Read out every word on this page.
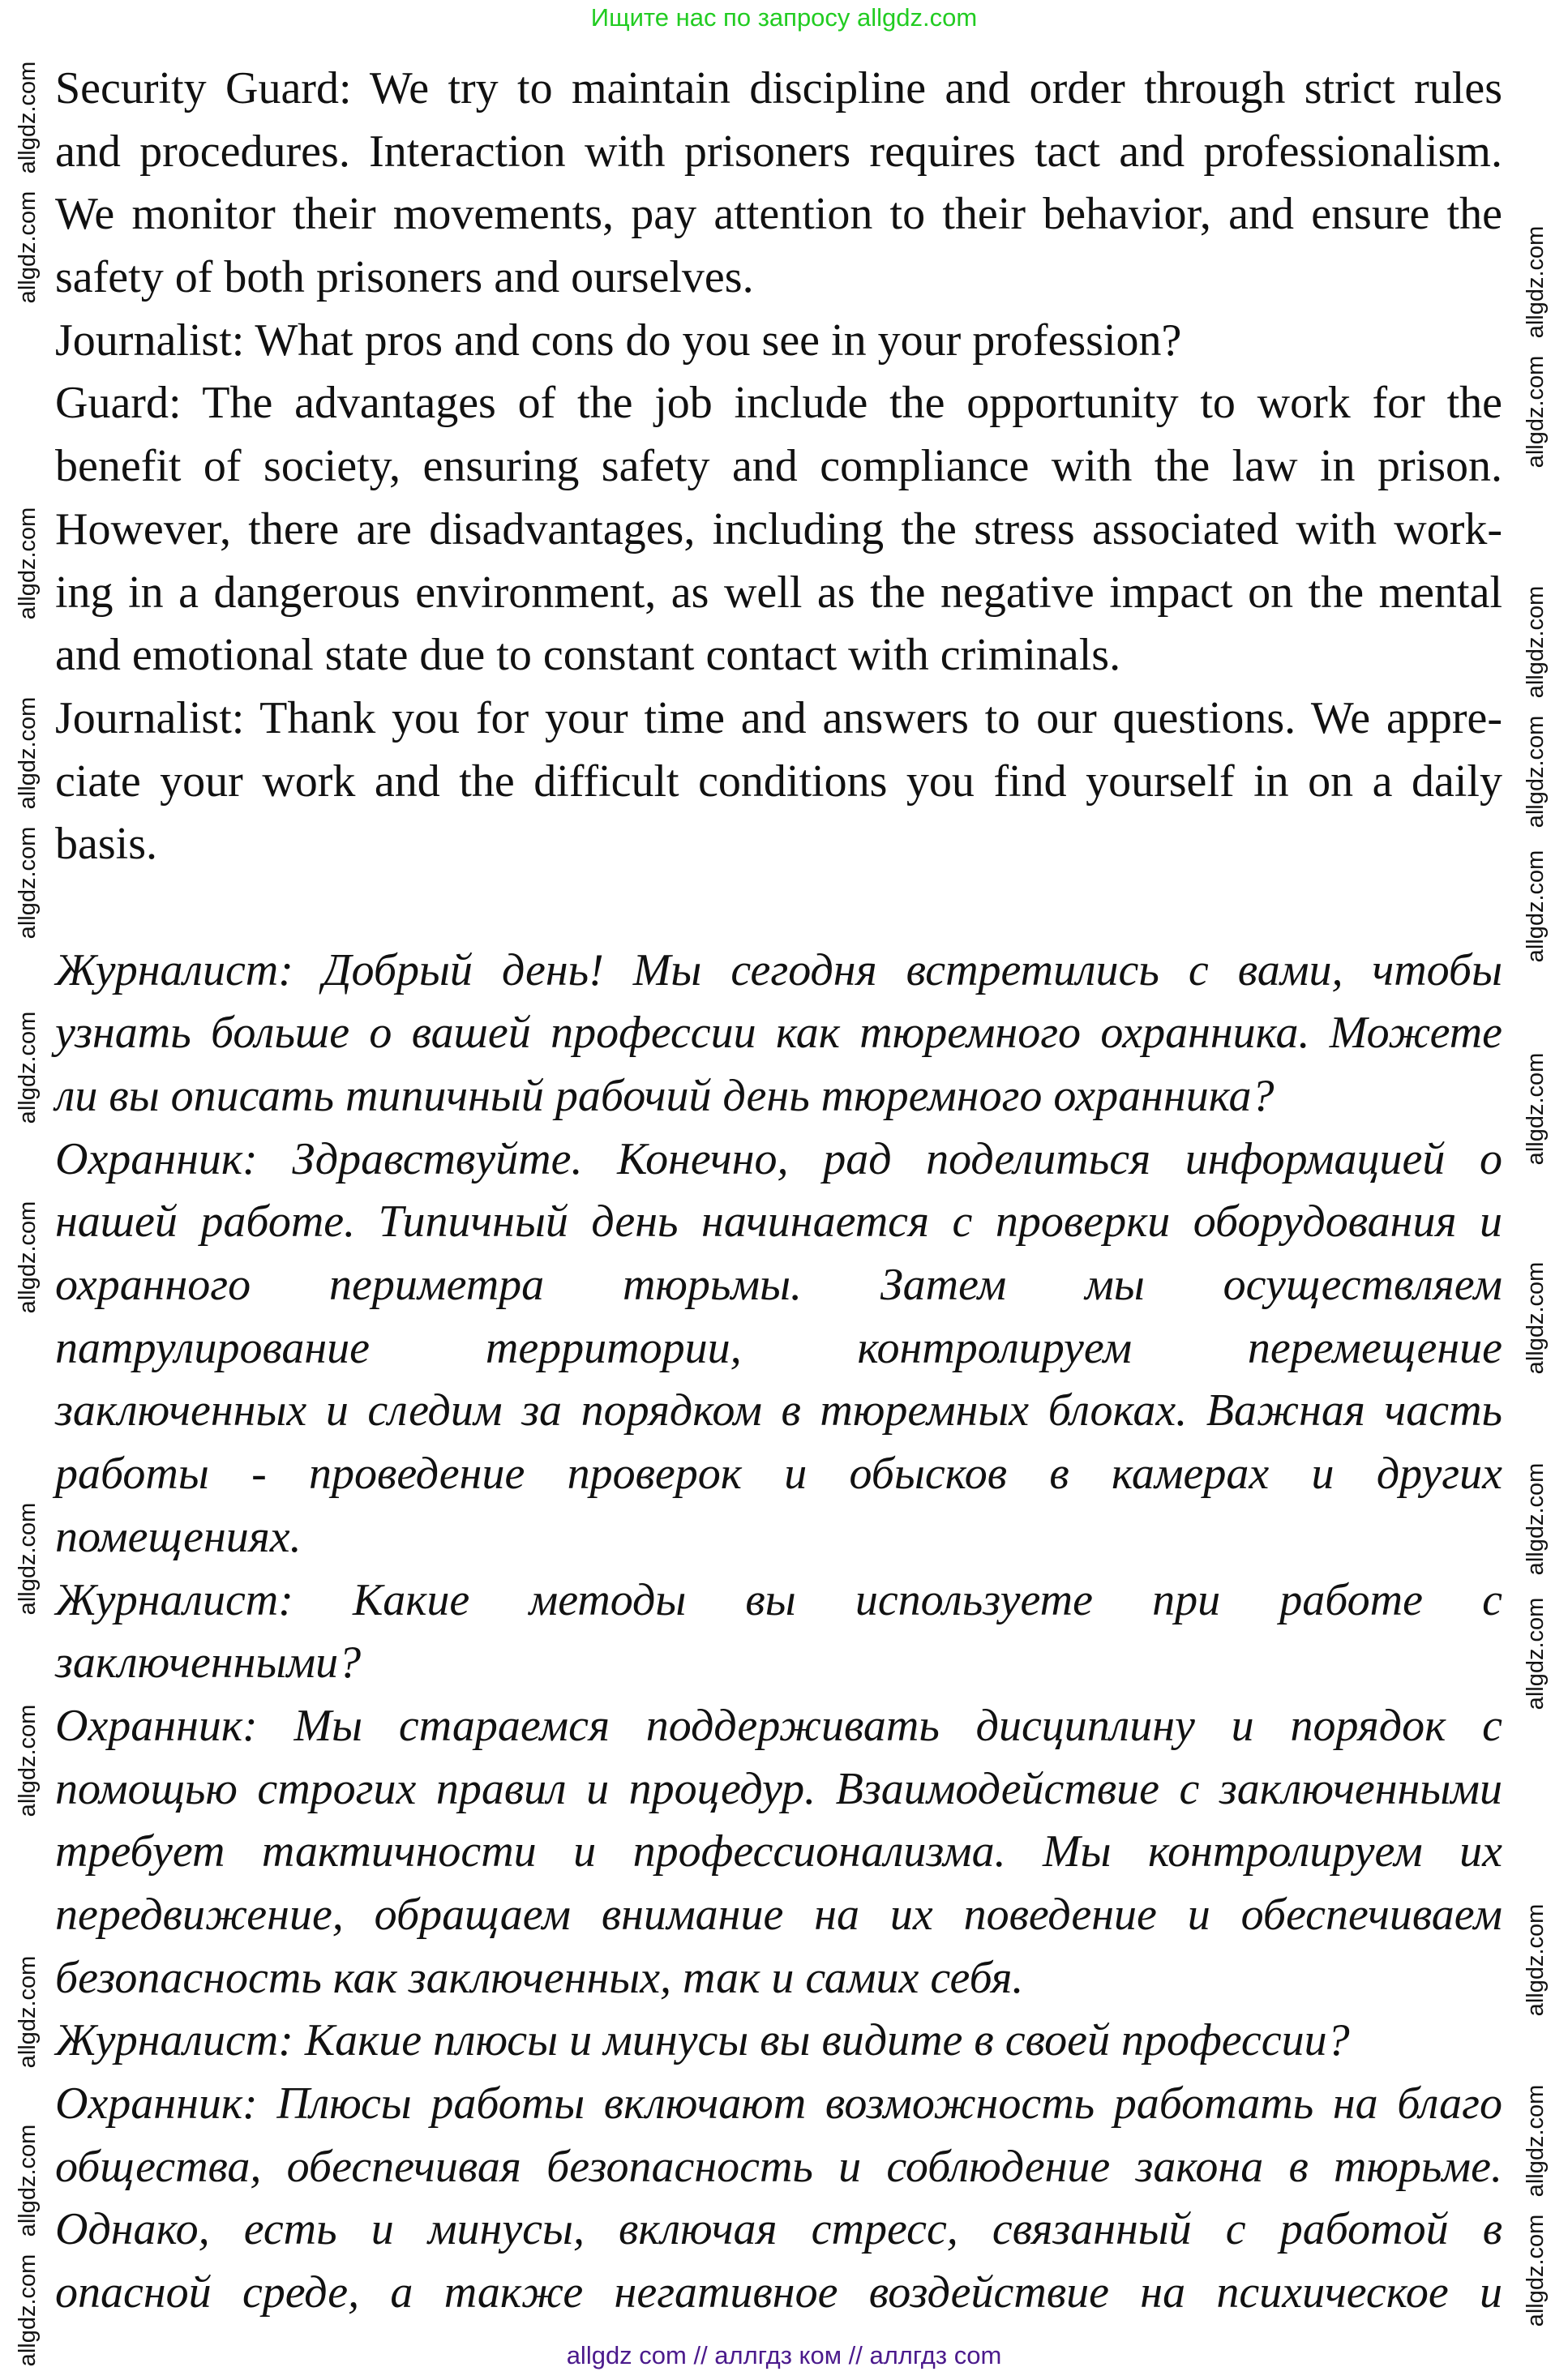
Ищите нас по запросу allgdz.com
Security Guard: We try to maintain discipline and order through strict rules
and procedures. Interaction with prisoners requires tact and professionalism.
We monitor their movements, pay attention to their behavior, and ensure the
safety of both prisoners and ourselves.
Journalist: What pros and cons do you see in your profession?
Guard: The advantages of the job include the opportunity to work for the
benefit of society, ensuring safety and compliance with the law in prison.
However, there are disadvantages, including the stress associated with work-
ing in a dangerous environment, as well as the negative impact on the mental
and emotional state due to constant contact with criminals.
Journalist: Thank you for your time and answers to our questions. We appre-
ciate your work and the difficult conditions you find yourself in on a daily
basis.
Журналист: Добрый день! Мы сегодня встретились с вами, чтобы
узнать больше о вашей профессии как тюремного охранника. Можете
ли вы описать типичный рабочий день тюремного охранника?
Охранник: Здравствуйте. Конечно, рад поделиться информацией о
нашей работе. Типичный день начинается с проверки оборудования и
охранного периметра тюрьмы. Затем мы осуществляем
патрулирование территории, контролируем перемещение
заключенных и следим за порядком в тюремных блоках. Важная часть
работы - проведение проверок и обысков в камерах и других
помещениях.
Журналист: Какие методы вы используете при работе с
заключенными?
Охранник: Мы стараемся поддерживать дисциплину и порядок с
помощью строгих правил и процедур. Взаимодействие с заключенными
требует тактичности и профессионализма. Мы контролируем их
передвижение, обращаем внимание на их поведение и обеспечиваем
безопасность как заключенных, так и самих себя.
Журналист: Какие плюсы и минусы вы видите в своей профессии?
Охранник: Плюсы работы включают возможность работать на благо
общества, обеспечивая безопасность и соблюдение закона в тюрьме.
Однако, есть и минусы, включая стресс, связанный с работой в
опасной среде, а также негативное воздействие на психическое и
allgdz.com
allgdz.com
allgdz.com
allgdz.com
allgdz.com
allgdz.com
allgdz.com
allgdz.com
allgdz.com
allgdz.com
allgdz.com
allgdz.com
allgdz.com
allgdz.com
allgdz.com
allgdz.com
allgdz.com
allgdz.com
allgdz.com
allgdz.com
allgdz.com
allgdz.com
allgdz.com
allgdz.com
allgdz com // аллгдз ком // аллгдз com
